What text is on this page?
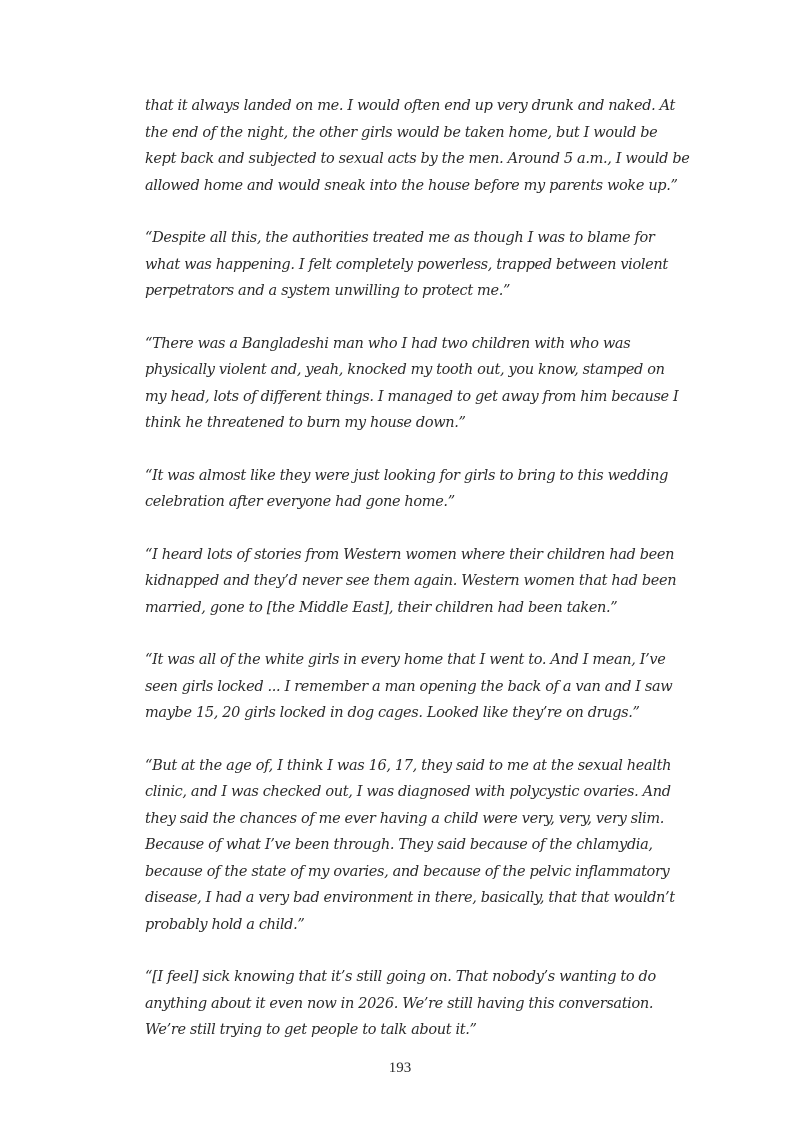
that it always landed on me. I would often end up very drunk and naked. At the end of the night, the other girls would be taken home, but I would be kept back and subjected to sexual acts by the men. Around 5 a.m., I would be allowed home and would sneak into the house before my parents woke up.”

“Despite all this, the authorities treated me as though I was to blame for what was happening. I felt completely powerless, trapped between violent perpetrators and a system unwilling to protect me.”

“There was a Bangladeshi man who I had two children with who was physically violent and, yeah, knocked my tooth out, you know, stamped on my head, lots of different things. I managed to get away from him because I think he threatened to burn my house down.”

“It was almost like they were just looking for girls to bring to this wedding celebration after everyone had gone home.”

“I heard lots of stories from Western women where their children had been kidnapped and they’d never see them again. Western women that had been married, gone to [the Middle East], their children had been taken.”

“It was all of the white girls in every home that I went to. And I mean, I’ve seen girls locked ... I remember a man opening the back of a van and I saw maybe 15, 20 girls locked in dog cages. Looked like they’re on drugs.”

“But at the age of, I think I was 16, 17, they said to me at the sexual health clinic, and I was checked out, I was diagnosed with polycystic ovaries. And they said the chances of me ever having a child were very, very, very slim. Because of what I’ve been through. They said because of the chlamydia, because of the state of my ovaries, and because of the pelvic inflammatory disease, I had a very bad environment in there, basically, that that wouldn’t probably hold a child.”

“[I feel] sick knowing that it’s still going on. That nobody’s wanting to do anything about it even now in 2026. We’re still having this conversation. We’re still trying to get people to talk about it.”

193
